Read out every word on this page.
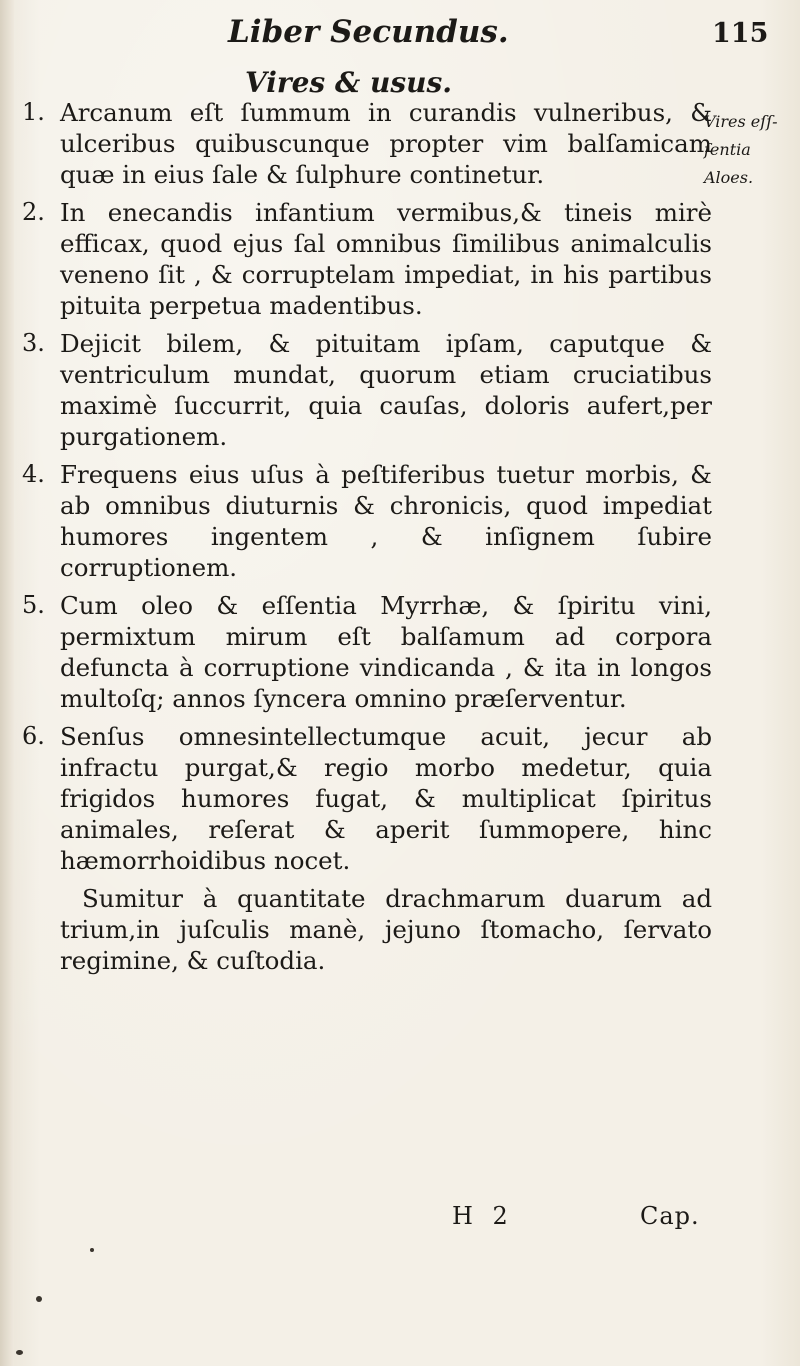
Liber Secundus.	115
Vires & usus.
Vires eſſ-
ſentia
Aloes.
1. Arcanum eſt ſummum in curandis vulneribus, & ulceribus quibuscunque propter vim balſamicam quæ in eius ſale & ſulphure continetur.
2. In enecandis infantium vermibus,& tineis mirè efficax, quod ejus ſal omnibus ſimilibus animalculis veneno ſit , & corruptelam impediat, in his partibus pituita perpetua madentibus.
3. Dejicit bilem, & pituitam ipſam, caputque & ventriculum mundat, quorum etiam cruciatibus maximè ſuccurrit, quia cauſas, doloris aufert,per purgationem.
4. Frequens eius uſus à peſtiferibus tuetur morbis, & ab omnibus diuturnis & chronicis, quod impediat humores ingentem , & inſignem ſubire corruptionem.
5. Cum oleo & eſſentia Myrrhæ, & ſpiritu vini, permixtum mirum eſt balſamum ad corpora defuncta à corruptione vindicanda , & ita in longos multoſq; annos ſyncera omnino præſerventur.
6. Senſus omnesintellectumque acuit, jecur ab infractu purgat,& regio morbo medetur, quia frigidos humores fugat, & multiplicat ſpiritus animales, reſerat & aperit ſummopere, hinc hæmorrhoidibus nocet.
Sumitur à quantitate drachmarum duarum ad trium,in juſculis manè, jejuno ſtomacho, ſervato regimine, & cuſtodia.
H 2	Cap.
